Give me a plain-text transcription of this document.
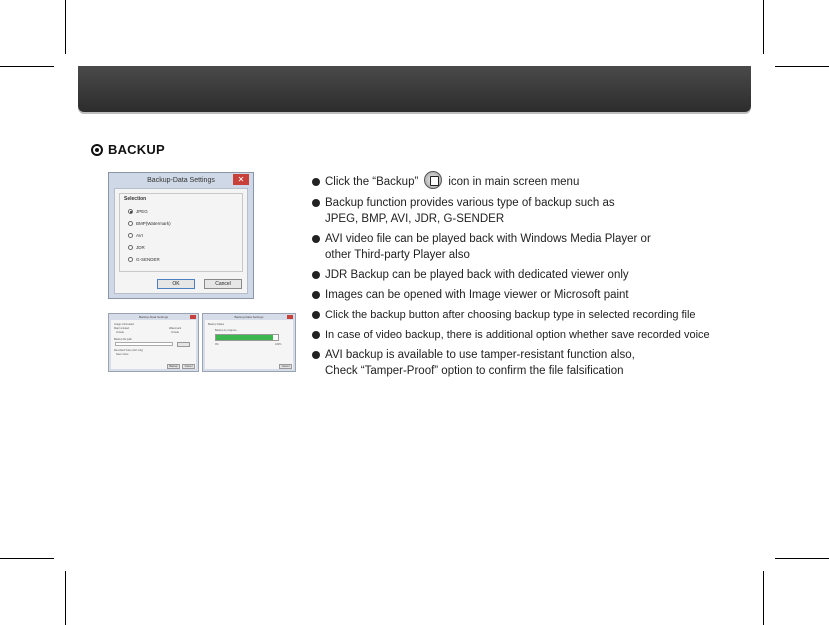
BACKUP
Backup-Data Settings	✕
Selection
JPEG
BMP(Watermark)
AVI
JDR
G-SENDER
OK	Cancel
Backup-Data Settings
Image Information
Map Included
Include
Watermark
Include
Backup file path
Recorded Voice (AVI only)
Save Voice
Backup	Cancel
Backup-Data Settings
Backup Status
Backup in progress...
0%	100%
Cancel
Click the “Backup”	icon in main screen menu
Backup function provides various type of backup such as
JPEG, BMP, AVI, JDR, G-SENDER
AVI video file can be played back with Windows Media Player or
other Third-party Player also
JDR Backup can be played back with dedicated viewer only
Images can be opened with Image viewer or Microsoft paint
Click the backup button after choosing backup type in selected recording file
In case of video backup, there is additional option whether save recorded voice
AVI backup is available to use tamper-resistant function also,
Check “Tamper-Proof” option to confirm the file falsification
